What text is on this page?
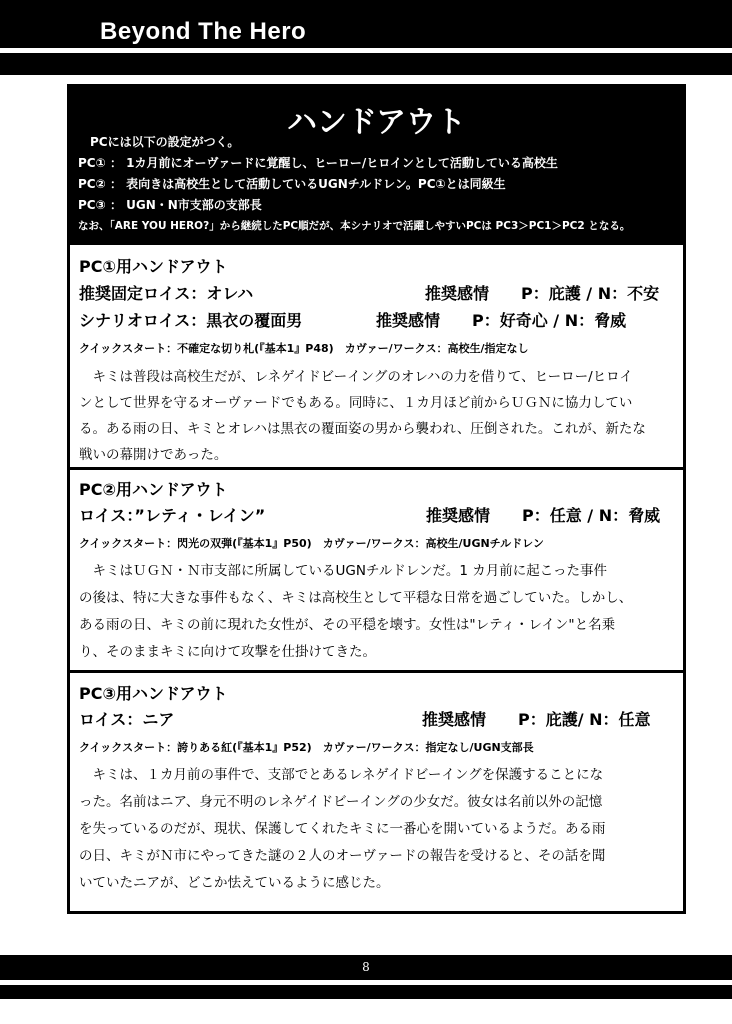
Beyond The Hero
ハンドアウト
PCには以下の設定がつく。
PC① ： 1カ月前にオーヴァードに覚醒し、ヒーロー/ヒロインとして活動している高校生
PC② ： 表向きは高校生として活動しているUGNチルドレン。PC①とは同級生
PC③ ： UGN・N市支部の支部長
なお、「ARE YOU HERO?」から継続したPC順だが、本シナリオで活躍しやすいPCは PC3＞PC1＞PC2 となる。
PC①用ハンドアウト
推奨固定ロイス：オレハ	推奨感情　　P：庇護 / N：不安
シナリオロイス：黒衣の覆面男	推奨感情　　P：好奇心 / N：脅威
クイックスタート：不確定な切り札(『基本1』P48)　カヴァー/ワークス：高校生/指定なし
　キミは普段は高校生だが、レネゲイドビーイングのオレハの力を借りて、ヒーロー/ヒロイ
ンとして世界を守るオーヴァードでもある。同時に、１カ月ほど前からＵＧＮに協力してい
る。ある雨の日、キミとオレハは黒衣の覆面姿の男から襲われ、圧倒された。これが、新たな
戦いの幕開けであった。
PC②用ハンドアウト
ロイス：”レティ・レイン”	推奨感情　　P：任意 / N：脅威
クイックスタート：閃光の双弾(『基本1』P50)　カヴァー/ワークス：高校生/UGNチルドレン
　キミはＵＧＮ・Ｎ市支部に所属しているUGNチルドレンだ。1 カ月前に起こった事件
の後は、特に大きな事件もなく、キミは高校生として平穏な日常を過ごしていた。しかし、
ある雨の日、キミの前に現れた女性が、その平穏を壊す。女性は"レティ・レイン"と名乗
り、そのままキミに向けて攻撃を仕掛けてきた。
PC③用ハンドアウト
ロイス：ニア	推奨感情　　P：庇護/ N：任意
クイックスタート：誇りある紅(『基本1』P52)　カヴァー/ワークス：指定なし/UGN支部長
　キミは、１カ月前の事件で、支部でとあるレネゲイドビーイングを保護することにな
った。名前はニア、身元不明のレネゲイドビーイングの少女だ。彼女は名前以外の記憶
を失っているのだが、現状、保護してくれたキミに一番心を開いているようだ。ある雨
の日、キミがＮ市にやってきた謎の２人のオーヴァードの報告を受けると、その話を聞
いていたニアが、どこか怯えているように感じた。
8
